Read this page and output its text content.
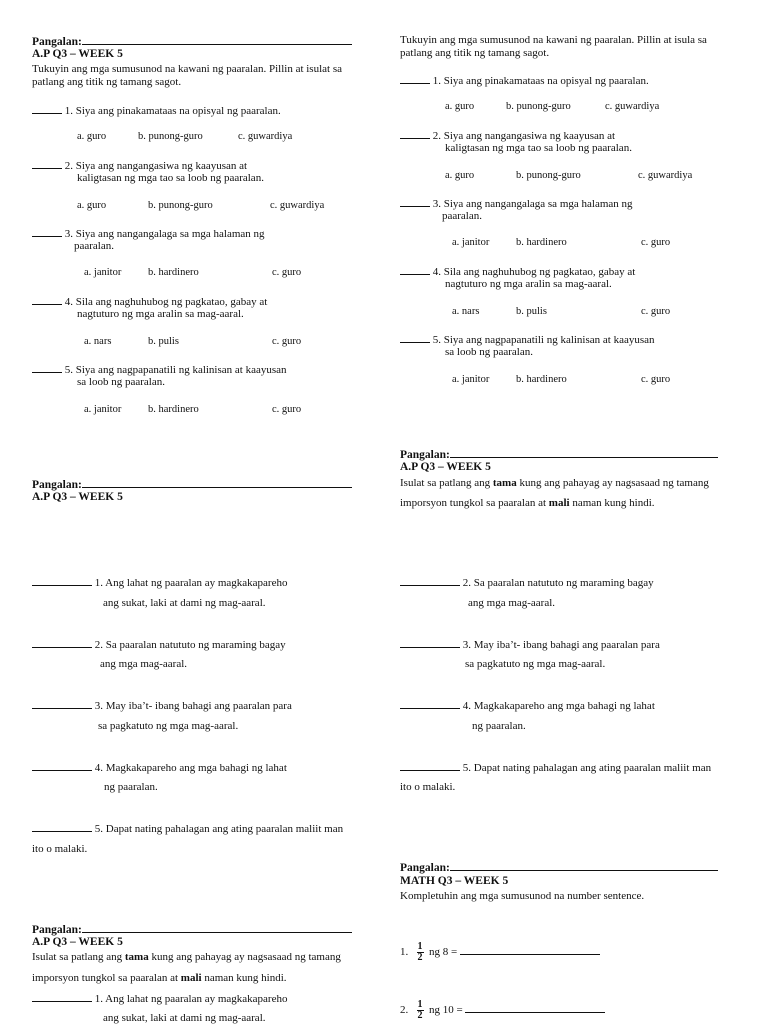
Pangalan:
A.P Q3 – WEEK 5
Tukuyin ang mga sumusunod na kawani ng paaralan. Pillin at isulat sa
patlang ang titik ng tamang sagot.
1. Siya ang pinakamataas na opisyal ng paaralan.
a. guro	b. punong-guro	c. guwardiya
2. Siya ang nangangasiwa ng kaayusan at
kaligtasan ng mga tao sa loob ng paaralan.
a. guro	b. punong-guro	c. guwardiya
3. Siya ang nangangalaga sa mga halaman ng
paaralan.
a. janitor	b. hardinero	c. guro
4. Sila ang naghuhubog ng pagkatao, gabay at
nagtuturo ng mga aralin sa mag-aaral.
a. nars	b. pulis	c. guro
5. Siya ang nagpapanatili ng kalinisan at kaayusan
sa loob ng paaralan.
a. janitor	b. hardinero	c. guro
Pangalan:
A.P Q3 – WEEK 5
1. Ang lahat ng paaralan ay magkakapareho
ang sukat, laki at dami ng mag-aaral.
2. Sa paaralan natututo ng maraming bagay
ang mga mag-aaral.
3. May iba’t- ibang bahagi ang paaralan para
sa pagkatuto ng mga mag-aaral.
4. Magkakapareho ang mga bahagi ng lahat
ng paaralan.
5. Dapat nating pahalagan ang ating paaralan maliit man
ito o malaki.
Pangalan:
A.P Q3 – WEEK 5
Isulat sa patlang ang tama kung ang pahayag ay nagsasaad ng tamang
imporsyon tungkol sa paaralan at mali naman kung hindi.
1. Ang lahat ng paaralan ay magkakapareho
ang sukat, laki at dami ng mag-aaral.
Tukuyin ang mga sumusunod na kawani ng paaralan. Pillin at isula sa
patlang ang titik ng tamang sagot.
1. Siya ang pinakamataas na opisyal ng paaralan.
a. guro	b. punong-guro	c. guwardiya
2. Siya ang nangangasiwa ng kaayusan at
kaligtasan ng mga tao sa loob ng paaralan.
a. guro	b. punong-guro	c. guwardiya
3. Siya ang nangangalaga sa mga halaman ng
paaralan.
a. janitor	b. hardinero	c. guro
4. Sila ang naghuhubog ng pagkatao, gabay at
nagtuturo ng mga aralin sa mag-aaral.
a. nars	b. pulis	c. guro
5. Siya ang nagpapanatili ng kalinisan at kaayusan
sa loob ng paaralan.
a. janitor	b. hardinero	c. guro
Pangalan:
A.P Q3 – WEEK 5
Isulat sa patlang ang tama kung ang pahayag ay nagsasaad ng tamang
imporsyon tungkol sa paaralan at mali naman kung hindi.
2. Sa paaralan natututo ng maraming bagay
ang mga mag-aaral.
3. May iba’t- ibang bahagi ang paaralan para
sa pagkatuto ng mga mag-aaral.
4. Magkakapareho ang mga bahagi ng lahat
ng paaralan.
5. Dapat nating pahalagan ang ating paaralan maliit man
ito o malaki.
Pangalan:
MATH Q3 – WEEK 5
Kompletuhin ang mga sumusunod na number sentence.
1. $\frac{1}{2}$ ng 8 =
2. $\frac{1}{2}$ ng 10 =
